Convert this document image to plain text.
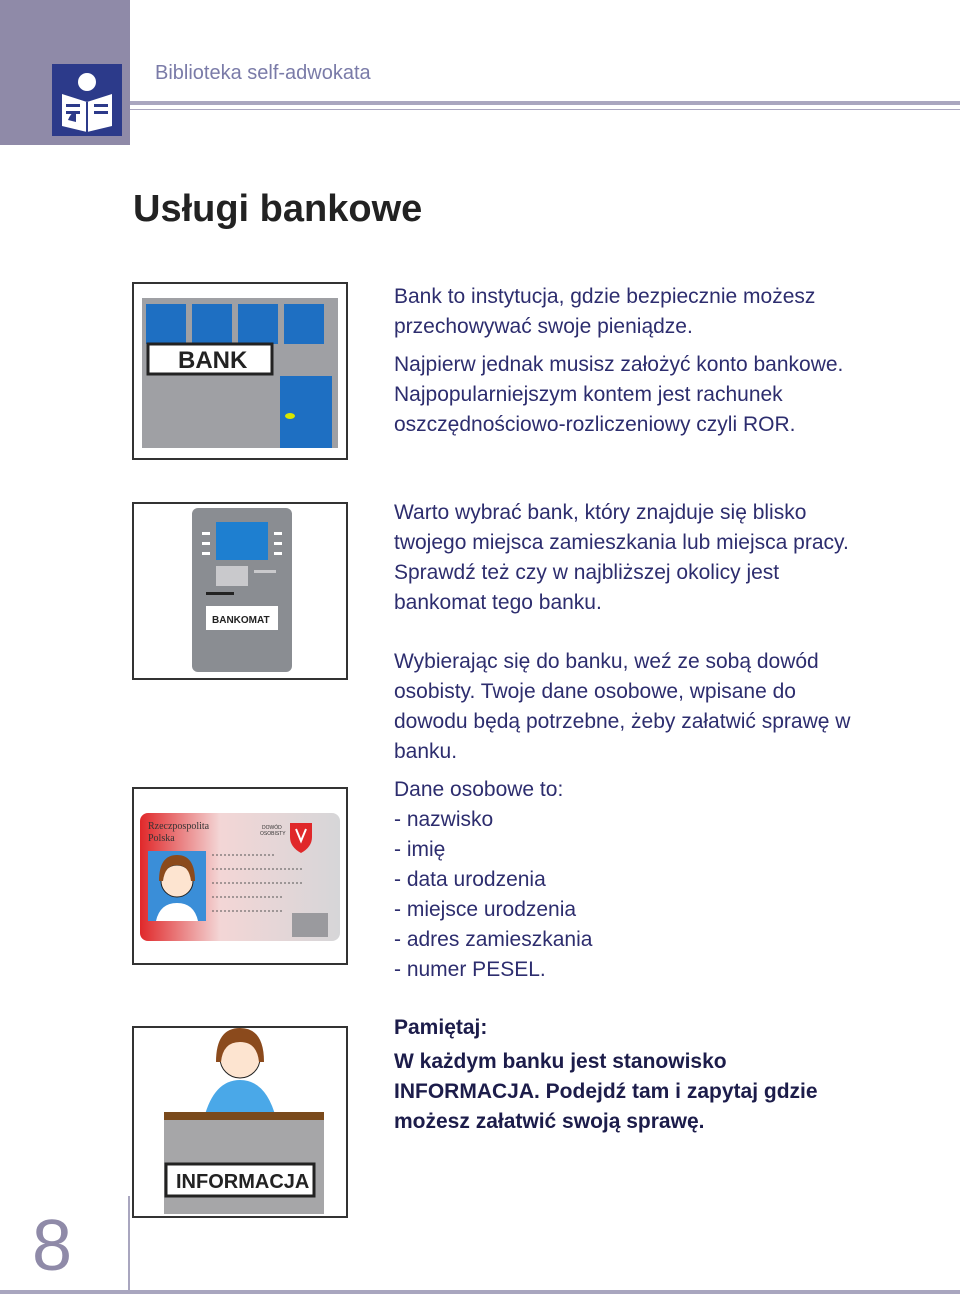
Biblioteka self-adwokata
Usługi bankowe
BANK
BANKOMAT
Rzeczpospolita
Polska
DOWÓD
OSOBISTY
INFORMACJA

Bank to instytucja, gdzie bezpiecznie możesz przechowywać swoje pieniądze.

Najpierw jednak musisz założyć konto bankowe. Najpopularniejszym kontem jest rachunek oszczędnościowo-rozliczeniowy czyli ROR.

Warto wybrać bank, który znajduje się blisko twojego miejsca zamieszkania lub miejsca pracy. Sprawdź też czy w najbliższej okolicy jest bankomat tego banku.

Wybierając się do banku, weź ze sobą dowód osobisty. Twoje dane osobowe, wpisane do dowodu będą potrzebne, żeby załatwić sprawę w banku.

Dane osobowe to:

- nazwisko

- imię

- data urodzenia

- miejsce urodzenia

- adres zamieszkania

- numer PESEL.

Pamiętaj:

W każdym banku jest stanowisko INFORMACJA. Podejdź tam i zapytaj gdzie możesz załatwić swoją sprawę.

8
